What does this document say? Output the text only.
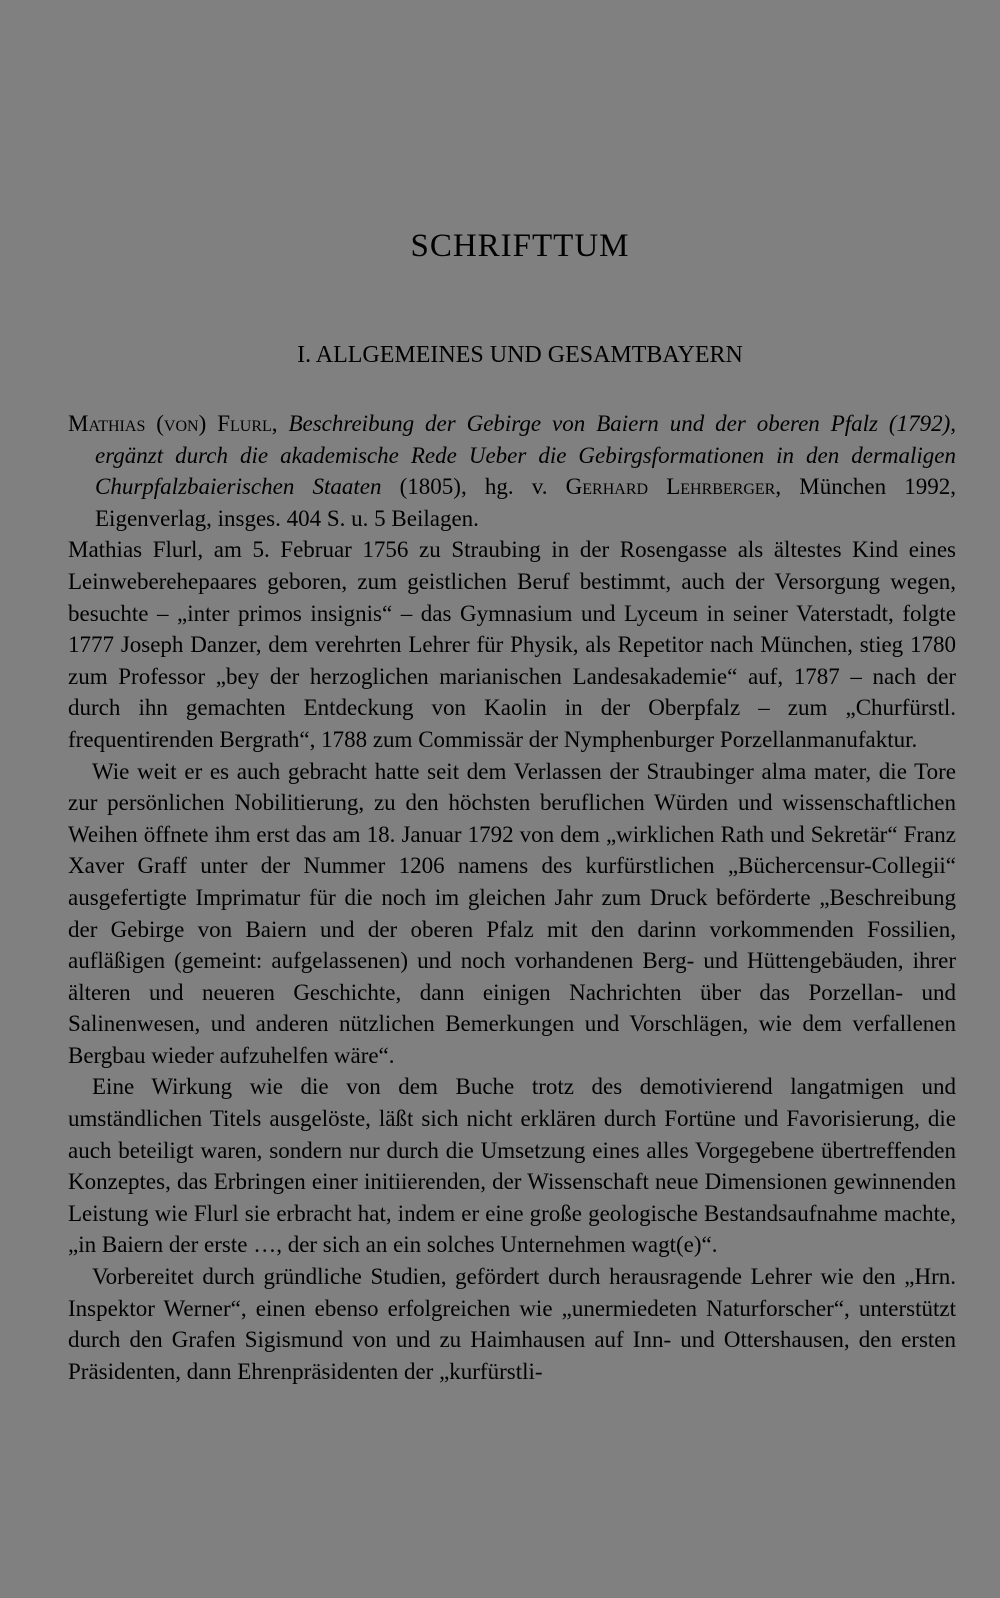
SCHRIFTTUM
I. ALLGEMEINES UND GESAMTBAYERN

Mathias (von) Flurl, Beschreibung der Gebirge von Baiern und der oberen Pfalz (1792), ergänzt durch die akademische Rede Ueber die Gebirgsformationen in den dermaligen Churpfalzbaierischen Staaten (1805), hg. v. Gerhard Lehrberger, München 1992, Eigenverlag, insges. 404 S. u. 5 Beilagen.

Mathias Flurl, am 5. Februar 1756 zu Straubing in der Rosengasse als ältestes Kind eines Leinweberehepaares geboren, zum geistlichen Beruf bestimmt, auch der Versorgung wegen, besuchte – „inter primos insignis“ – das Gymnasium und Lyceum in seiner Vaterstadt, folgte 1777 Joseph Danzer, dem verehrten Lehrer für Physik, als Repetitor nach München, stieg 1780 zum Professor „bey der herzoglichen marianischen Landesakademie“ auf, 1787 – nach der durch ihn gemachten Entdeckung von Kaolin in der Oberpfalz – zum „Churfürstl. frequentirenden Bergrath“, 1788 zum Commissär der Nymphenburger Porzellanmanufaktur.

Wie weit er es auch gebracht hatte seit dem Verlassen der Straubinger alma mater, die Tore zur persönlichen Nobilitierung, zu den höchsten beruflichen Würden und wissenschaftlichen Weihen öffnete ihm erst das am 18. Januar 1792 von dem „wirklichen Rath und Sekretär“ Franz Xaver Graff unter der Nummer 1206 namens des kurfürstlichen „Büchercensur-Collegii“ ausgefertigte Imprimatur für die noch im gleichen Jahr zum Druck beförderte „Beschreibung der Gebirge von Baiern und der oberen Pfalz mit den darinn vorkommenden Fossilien, aufläßigen (gemeint: aufgelassenen) und noch vorhandenen Berg- und Hüttengebäuden, ihrer älteren und neueren Geschichte, dann einigen Nachrichten über das Porzellan- und Salinenwesen, und anderen nützlichen Bemerkungen und Vorschlägen, wie dem verfallenen Bergbau wieder aufzuhelfen wäre“.

Eine Wirkung wie die von dem Buche trotz des demotivierend langatmigen und umständlichen Titels ausgelöste, läßt sich nicht erklären durch Fortüne und Favorisierung, die auch beteiligt waren, sondern nur durch die Umsetzung eines alles Vorgegebene übertreffenden Konzeptes, das Erbringen einer initiierenden, der Wissenschaft neue Dimensionen gewinnenden Leistung wie Flurl sie erbracht hat, indem er eine große geologische Bestandsaufnahme machte, „in Baiern der erste …, der sich an ein solches Unternehmen wagt(e)“.

Vorbereitet durch gründliche Studien, gefördert durch herausragende Lehrer wie den „Hrn. Inspektor Werner“, einen ebenso erfolgreichen wie „unermiedeten Naturforscher“, unterstützt durch den Grafen Sigismund von und zu Haimhausen auf Inn- und Ottershausen, den ersten Präsidenten, dann Ehrenpräsidenten der „kurfürstli-
